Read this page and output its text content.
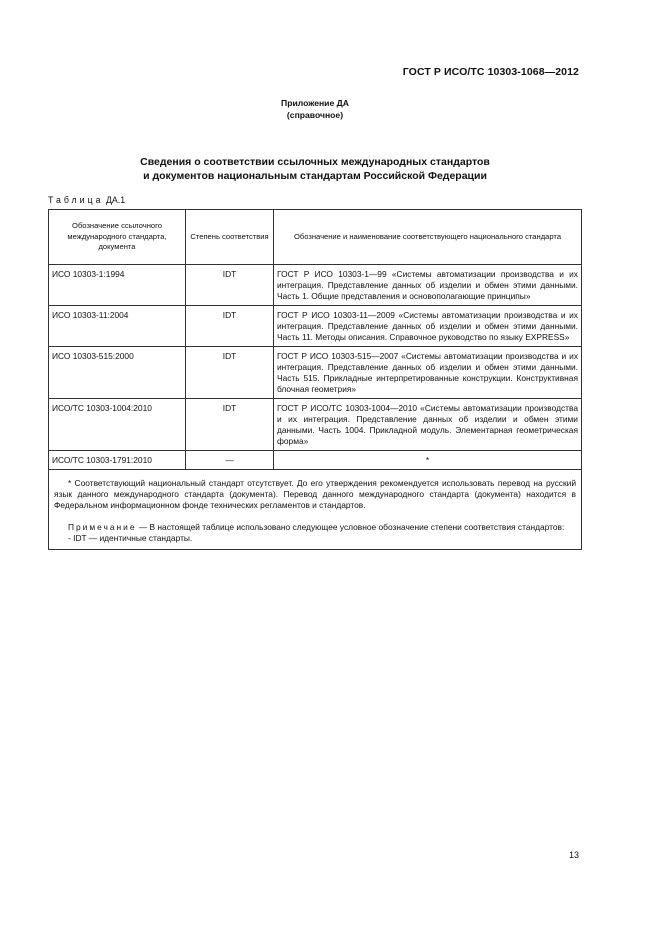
ГОСТ Р ИСО/ТС 10303-1068—2012
Приложение ДА
(справочное)
Сведения о соответствии ссылочных международных стандартов
и документов национальным стандартам Российской Федерации
Таблица ДА.1
Обозначение ссылочного международного стандарта, документа	Степень соответствия	Обозначение и наименование соответствующего национального стандарта
ИСО 10303-1:1994	IDT	ГОСТ Р ИСО 10303-1—99 «Системы автоматизации производства и их интеграция. Представление данных об изделии и обмен этими данными. Часть 1. Общие представления и основополагающие принципы»
ИСО 10303-11:2004	IDT	ГОСТ Р ИСО 10303-11—2009 «Системы автоматизации производства и их интеграция. Представление данных об изделии и обмен этими данными. Часть 11. Методы описания. Справочное руководство по языку EXPRESS»
ИСО 10303-515:2000	IDT	ГОСТ Р ИСО 10303-515—2007 «Системы автоматизации производства и их интеграция. Представление данных об изделии и обмен этими данными. Часть 515. Прикладные интерпретированные конструкции. Конструктивная блочная геометрия»
ИСО/ТС 10303-1004:2010	IDT	ГОСТ Р ИСО/ТС 10303-1004—2010 «Системы автоматизации производства и их интеграция. Представление данных об изделии и обмен этими данными. Часть 1004. Прикладной модуль. Элементарная геометрическая форма»
ИСО/ТС 10303-1791:2010	—	*

* Соответствующий национальный стандарт отсутствует. До его утверждения рекомендуется использовать перевод на русский язык данного международного стандарта (документа). Перевод данного международного стандарта (документа) находится в Федеральном информационном фонде технических регламентов и стандартов.

Примечание — В настоящей таблице использовано следующее условное обозначение степени соответствия стандартов:

- IDT — идентичные стандарты.		

13
